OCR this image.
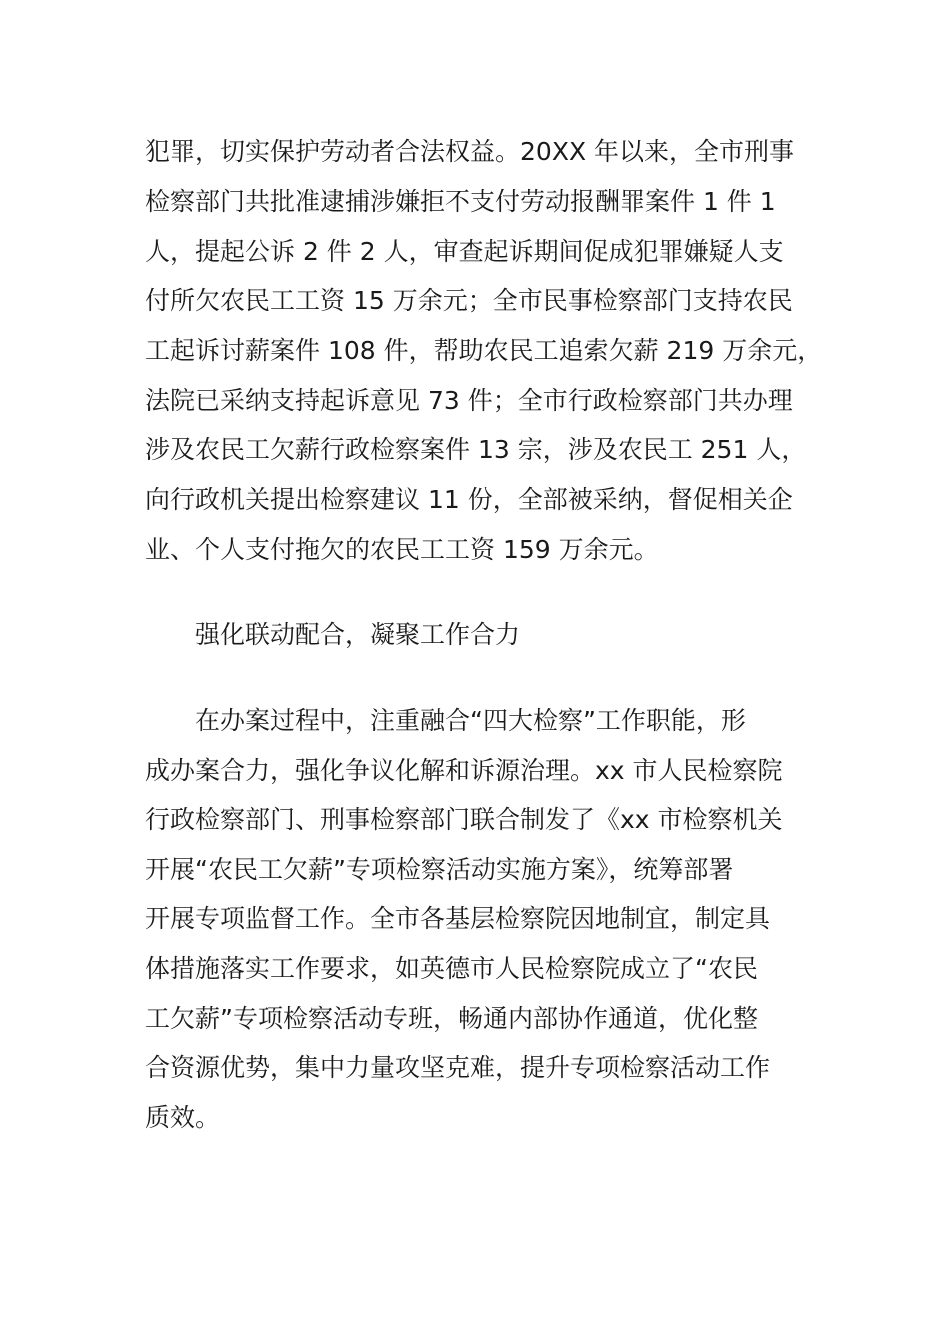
犯罪，切实保护劳动者合法权益。20XX 年以来，全市刑事

检察部门共批准逮捕涉嫌拒不支付劳动报酬罪案件 1 件 1

人，提起公诉 2 件 2 人，审查起诉期间促成犯罪嫌疑人支

付所欠农民工工资 15 万余元；全市民事检察部门支持农民

工起诉讨薪案件 108 件，帮助农民工追索欠薪 219 万余元，

法院已采纳支持起诉意见 73 件；全市行政检察部门共办理

涉及农民工欠薪行政检察案件 13 宗，涉及农民工 251 人，

向行政机关提出检察建议 11 份，全部被采纳，督促相关企

业、个人支付拖欠的农民工工资 159 万余元。

强化联动配合，凝聚工作合力

在办案过程中，注重融合“四大检察”工作职能，形

成办案合力，强化争议化解和诉源治理。xx 市人民检察院

行政检察部门、刑事检察部门联合制发了《xx 市检察机关

开展“农民工欠薪”专项检察活动实施方案》，统筹部署

开展专项监督工作。全市各基层检察院因地制宜，制定具

体措施落实工作要求，如英德市人民检察院成立了“农民

工欠薪”专项检察活动专班，畅通内部协作通道，优化整

合资源优势，集中力量攻坚克难，提升专项检察活动工作

质效。
